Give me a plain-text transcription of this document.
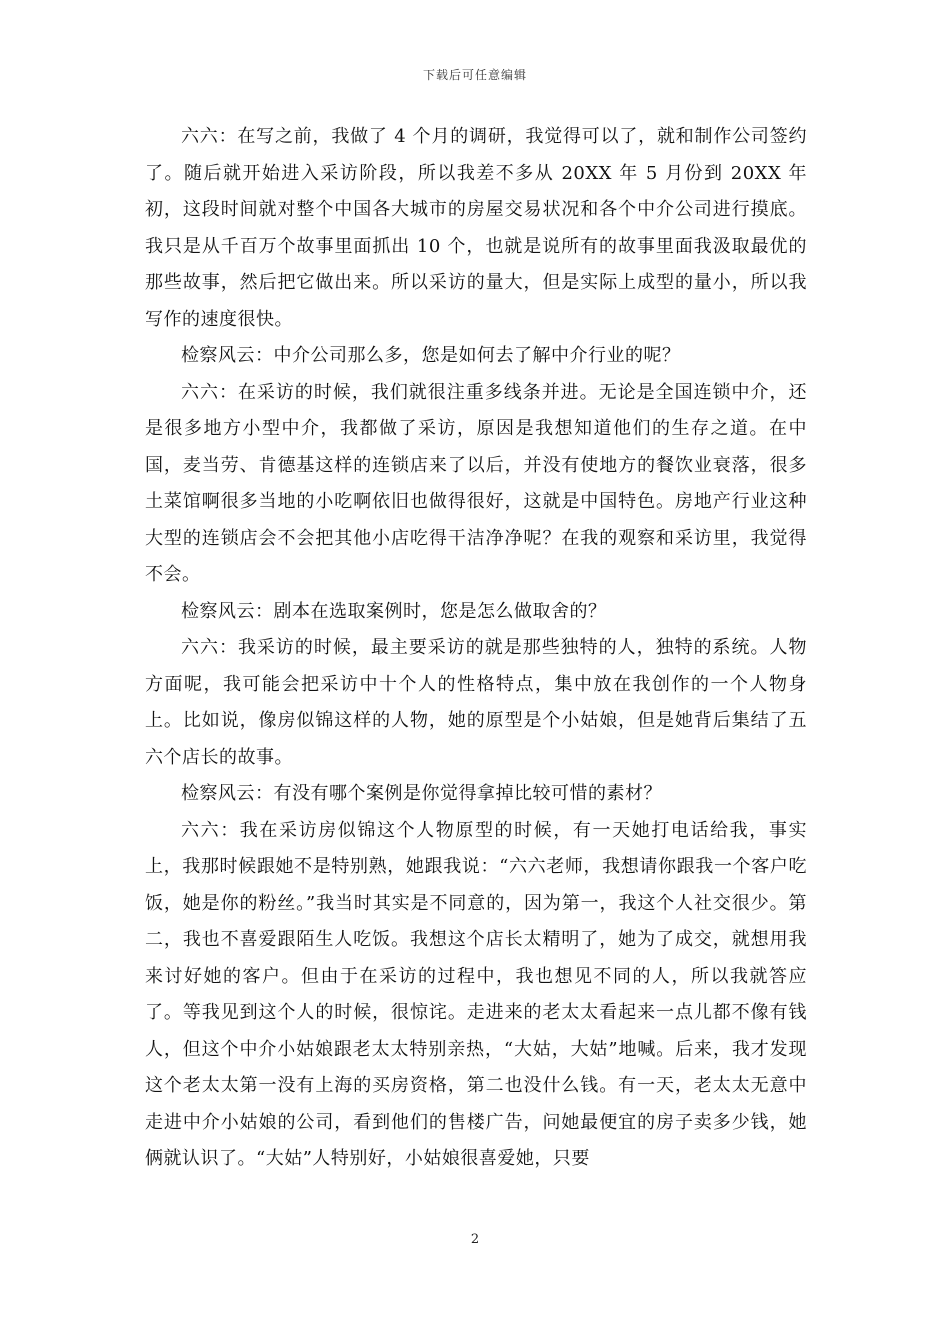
下载后可任意编辑

六六：在写之前，我做了 4 个月的调研，我觉得可以了，就和制作公司签约了。随后就开始进入采访阶段，所以我差不多从 20XX 年 5 月份到 20XX 年初，这段时间就对整个中国各大城市的房屋交易状况和各个中介公司进行摸底。我只是从千百万个故事里面抓出 10 个，也就是说所有的故事里面我汲取最优的那些故事，然后把它做出来。所以采访的量大，但是实际上成型的量小，所以我写作的速度很快。

检察风云：中介公司那么多，您是如何去了解中介行业的呢？

六六：在采访的时候，我们就很注重多线条并进。无论是全国连锁中介，还是很多地方小型中介，我都做了采访，原因是我想知道他们的生存之道。在中国，麦当劳、肯德基这样的连锁店来了以后，并没有使地方的餐饮业衰落，很多土菜馆啊很多当地的小吃啊依旧也做得很好，这就是中国特色。房地产行业这种大型的连锁店会不会把其他小店吃得干洁净净呢？在我的观察和采访里，我觉得不会。

检察风云：剧本在选取案例时，您是怎么做取舍的？

六六：我采访的时候，最主要采访的就是那些独特的人，独特的系统。人物方面呢，我可能会把采访中十个人的性格特点，集中放在我创作的一个人物身上。比如说，像房似锦这样的人物，她的原型是个小姑娘，但是她背后集结了五六个店长的故事。

检察风云：有没有哪个案例是你觉得拿掉比较可惜的素材？

六六：我在采访房似锦这个人物原型的时候，有一天她打电话给我，事实上，我那时候跟她不是特别熟，她跟我说：“六六老师，我想请你跟我一个客户吃饭，她是你的粉丝。”我当时其实是不同意的，因为第一，我这个人社交很少。第二，我也不喜爱跟陌生人吃饭。我想这个店长太精明了，她为了成交，就想用我来讨好她的客户。但由于在采访的过程中，我也想见不同的人，所以我就答应了。等我见到这个人的时候，很惊诧。走进来的老太太看起来一点儿都不像有钱人，但这个中介小姑娘跟老太太特别亲热，“大姑，大姑”地喊。后来，我才发现这个老太太第一没有上海的买房资格，第二也没什么钱。有一天，老太太无意中走进中介小姑娘的公司，看到他们的售楼广告，问她最便宜的房子卖多少钱，她俩就认识了。“大姑”人特别好，小姑娘很喜爱她，只要

2
